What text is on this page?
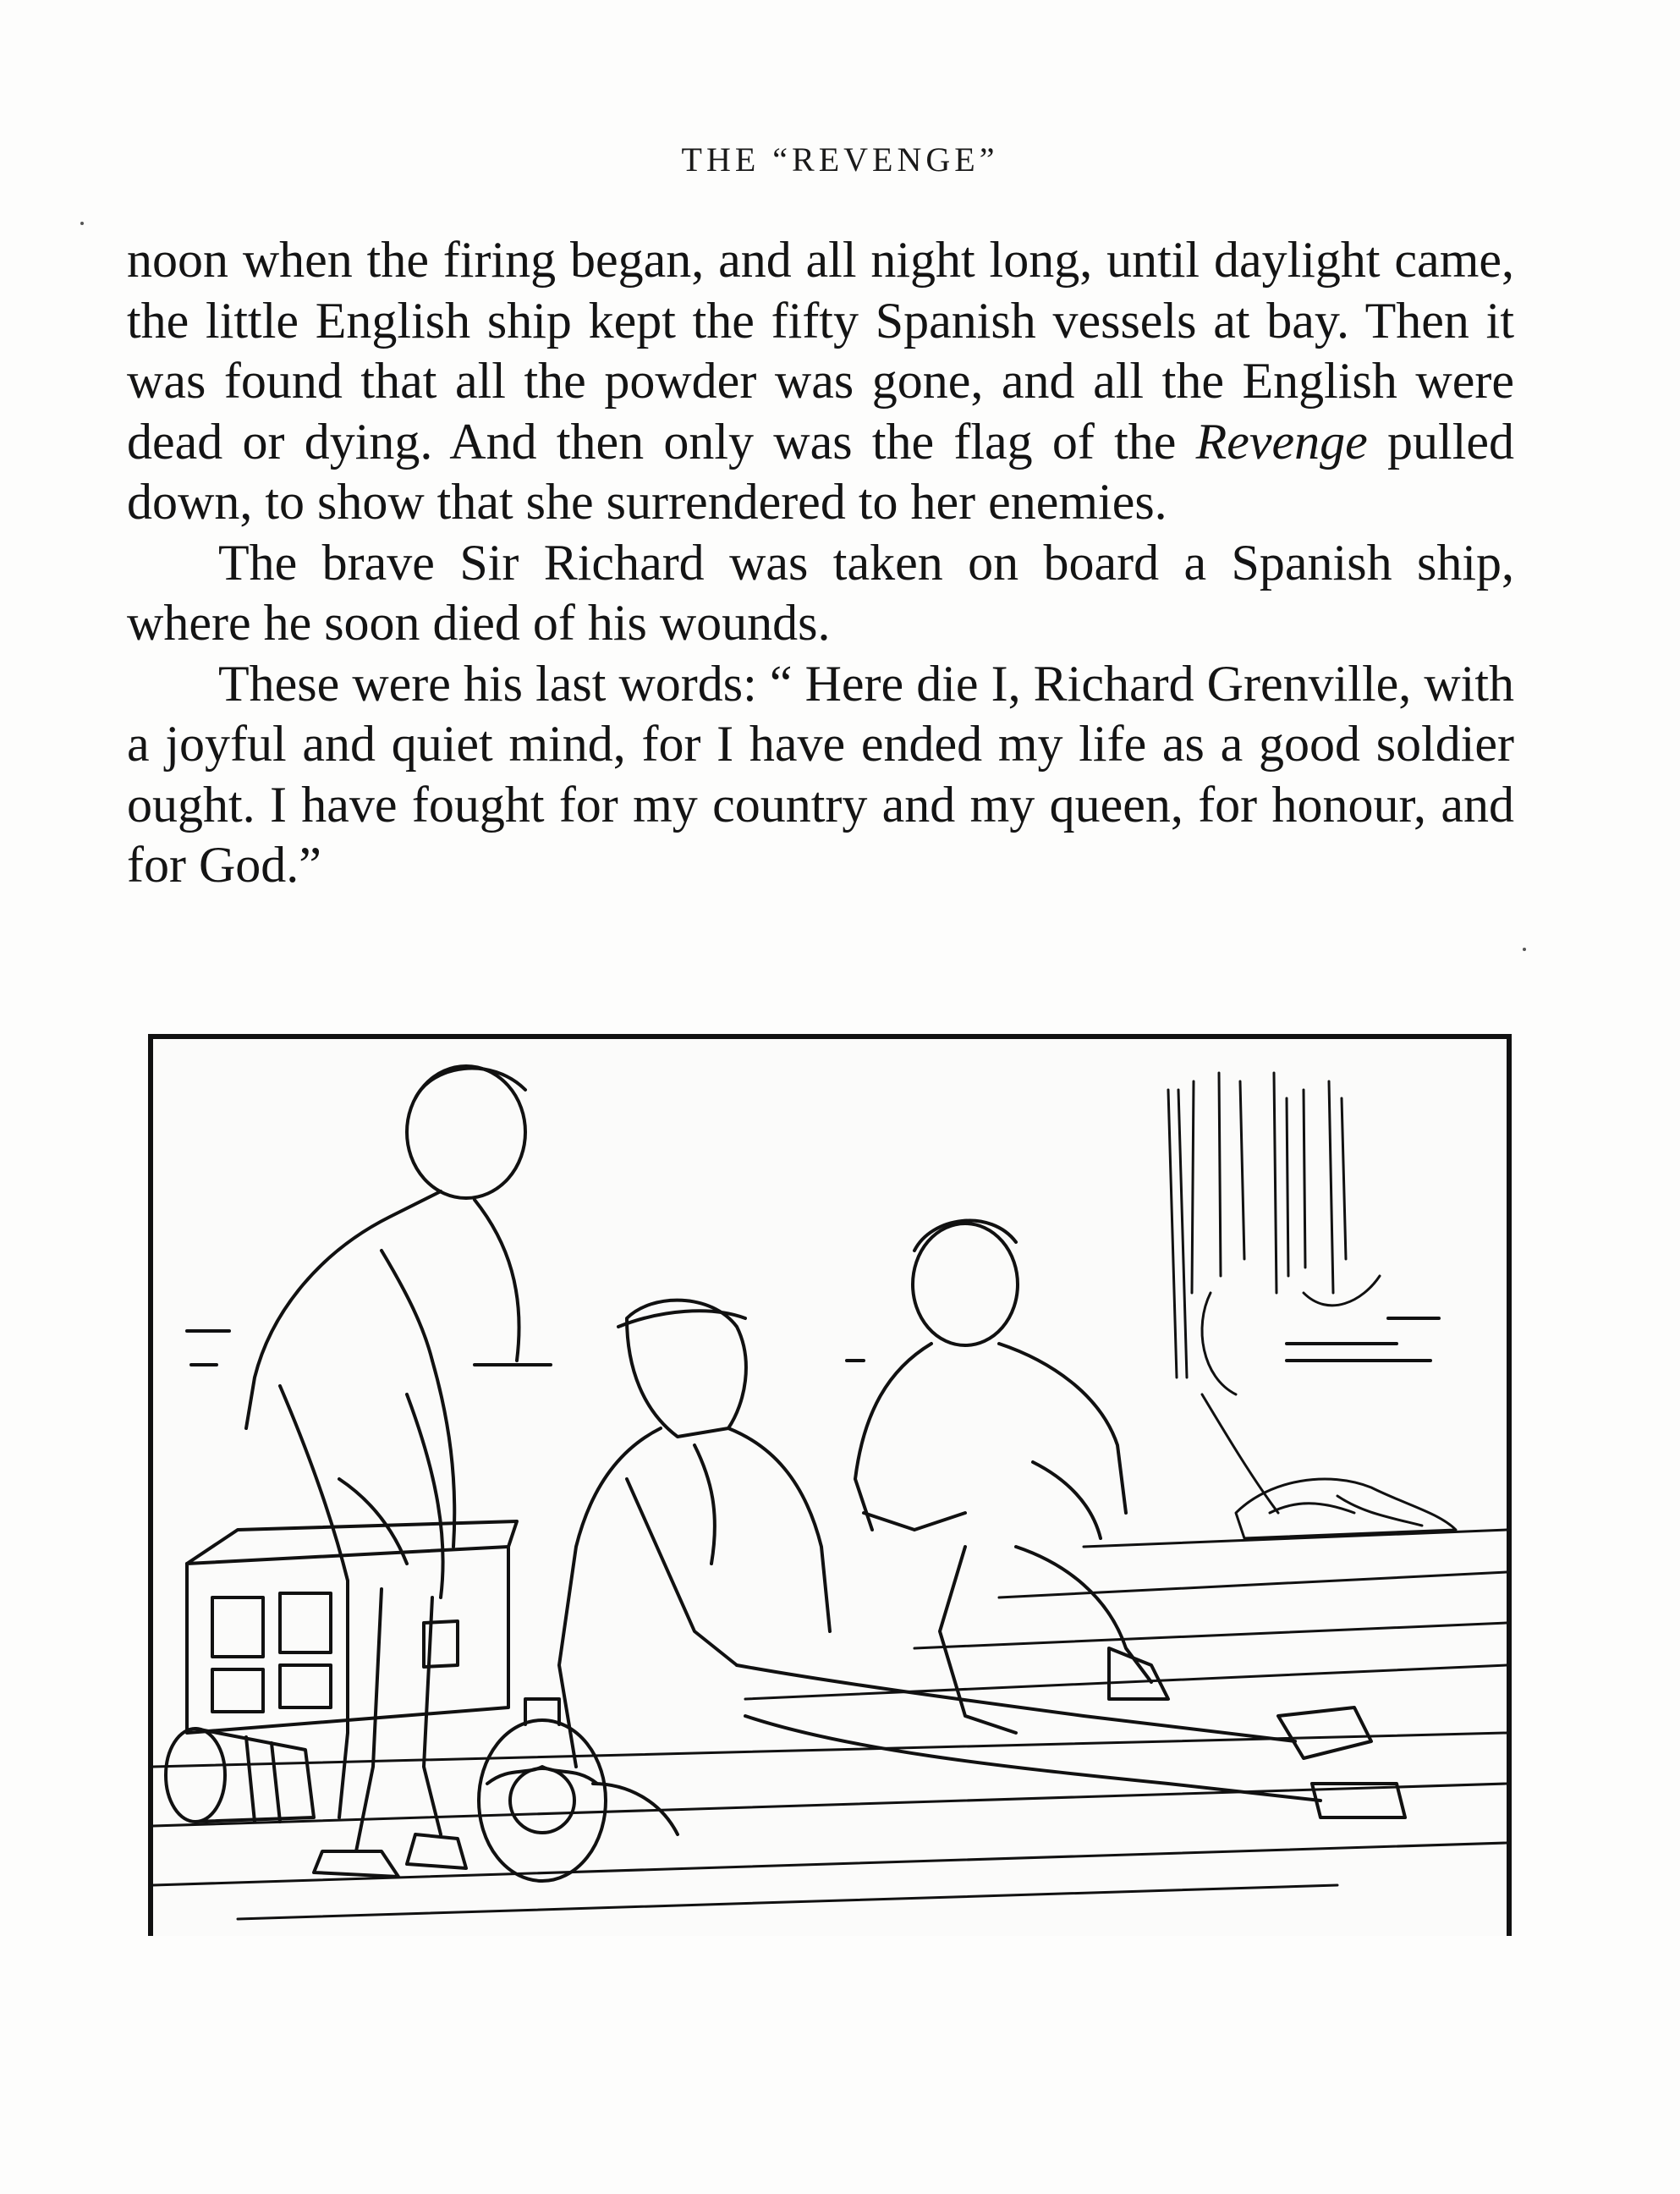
THE “REVENGE”

noon when the firing began, and all night long, until daylight came, the little English ship kept the fifty Spanish vessels at bay. Then it was found that all the powder was gone, and all the English were dead or dying. And then only was the flag of the Revenge pulled down, to show that she surrendered to her enemies.

The brave Sir Richard was taken on board a Spanish ship, where he soon died of his wounds.

These were his last words: “ Here die I, Richard Grenville, with a joyful and quiet mind, for I have ended my life as a good soldier ought. I have fought for my country and my queen, for honour, and for God.”
